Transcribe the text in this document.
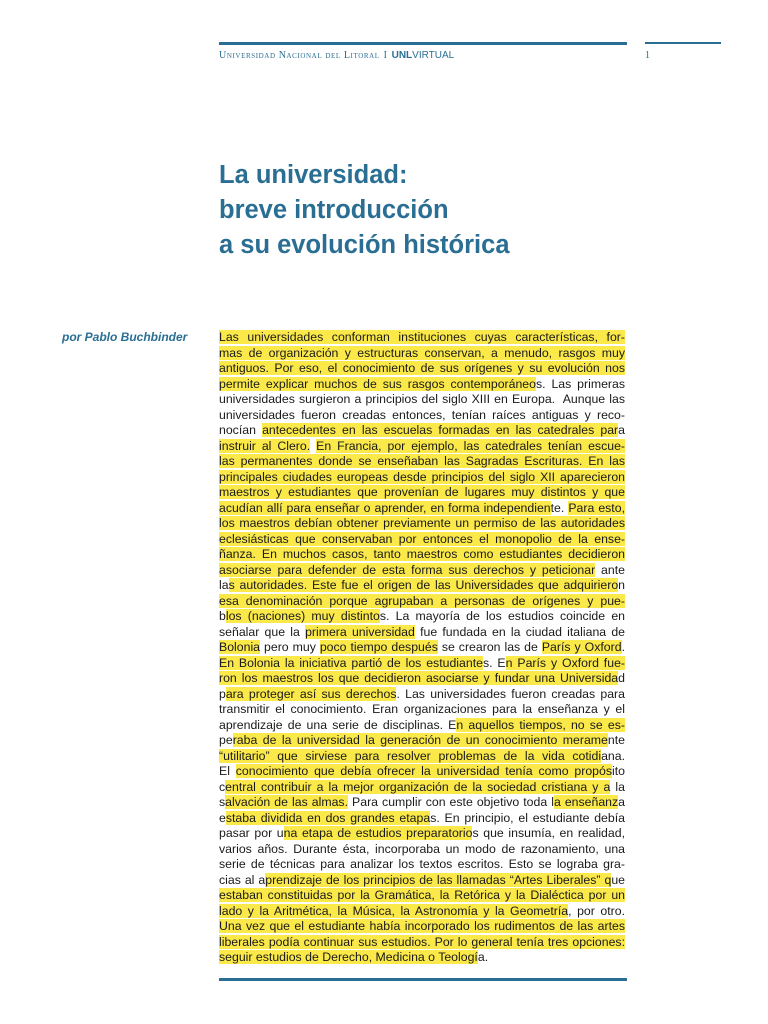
Universidad Nacional del Litoral I UNLVIRTUAL	1
La universidad:
breve introducción
a su evolución histórica
por Pablo Buchbinder	Las universidades conforman instituciones cuyas características, for-
mas de organización y estructuras conservan, a menudo, rasgos muy
antiguos. Por eso, el conocimiento de sus orígenes y su evolución nos
permite explicar muchos de sus rasgos contemporáneos. Las primeras
universidades surgieron a principios del siglo XIII en Europa.  Aunque las
universidades fueron creadas entonces, tenían raíces antiguas y reco-
nocían antecedentes en las escuelas formadas en las catedrales para
instruir al Clero. En Francia, por ejemplo, las catedrales tenían escue-
las permanentes donde se enseñaban las Sagradas Escrituras. En las
principales ciudades europeas desde principios del siglo XII aparecieron
maestros y estudiantes que provenían de lugares muy distintos y que
acudían allí para enseñar o aprender, en forma independiente. Para esto,
los maestros debían obtener previamente un permiso de las autoridades
eclesiásticas que conservaban por entonces el monopolio de la ense-
ñanza. En muchos casos, tanto maestros como estudiantes decidieron
asociarse para defender de esta forma sus derechos y peticionar ante
las autoridades. Este fue el origen de las Universidades que adquirieron
esa denominación porque agrupaban a personas de orígenes y pue-
blos (naciones) muy distintos. La mayoría de los estudios coincide en
señalar que la primera universidad fue fundada en la ciudad italiana de
Bolonia pero muy poco tiempo después se crearon las de París y Oxford.
En Bolonia la iniciativa partió de los estudiantes. En París y Oxford fue-
ron los maestros los que decidieron asociarse y fundar una Universidad
para proteger así sus derechos. Las universidades fueron creadas para
transmitir el conocimiento. Eran organizaciones para la enseñanza y el
aprendizaje de una serie de disciplinas. En aquellos tiempos, no se es-
peraba de la universidad la generación de un conocimiento meramente
“utilitario” que sirviese para resolver problemas de la vida cotidiana.
El conocimiento que debía ofrecer la universidad tenía como propósito
central contribuir a la mejor organización de la sociedad cristiana y a la
salvación de las almas. Para cumplir con este objetivo toda la enseñanza
estaba dividida en dos grandes etapas. En principio, el estudiante debía
pasar por una etapa de estudios preparatorios que insumía, en realidad,
varios años. Durante ésta, incorporaba un modo de razonamiento, una
serie de técnicas para analizar los textos escritos. Esto se lograba gra-
cias al aprendizaje de los principios de las llamadas “Artes Liberales” que
estaban constituidas por la Gramática, la Retórica y la Dialéctica por un
lado y la Aritmética, la Música, la Astronomía y la Geometría, por otro.
Una vez que el estudiante había incorporado los rudimentos de las artes
liberales podía continuar sus estudios. Por lo general tenía tres opciones:
seguir estudios de Derecho, Medicina o Teología.
